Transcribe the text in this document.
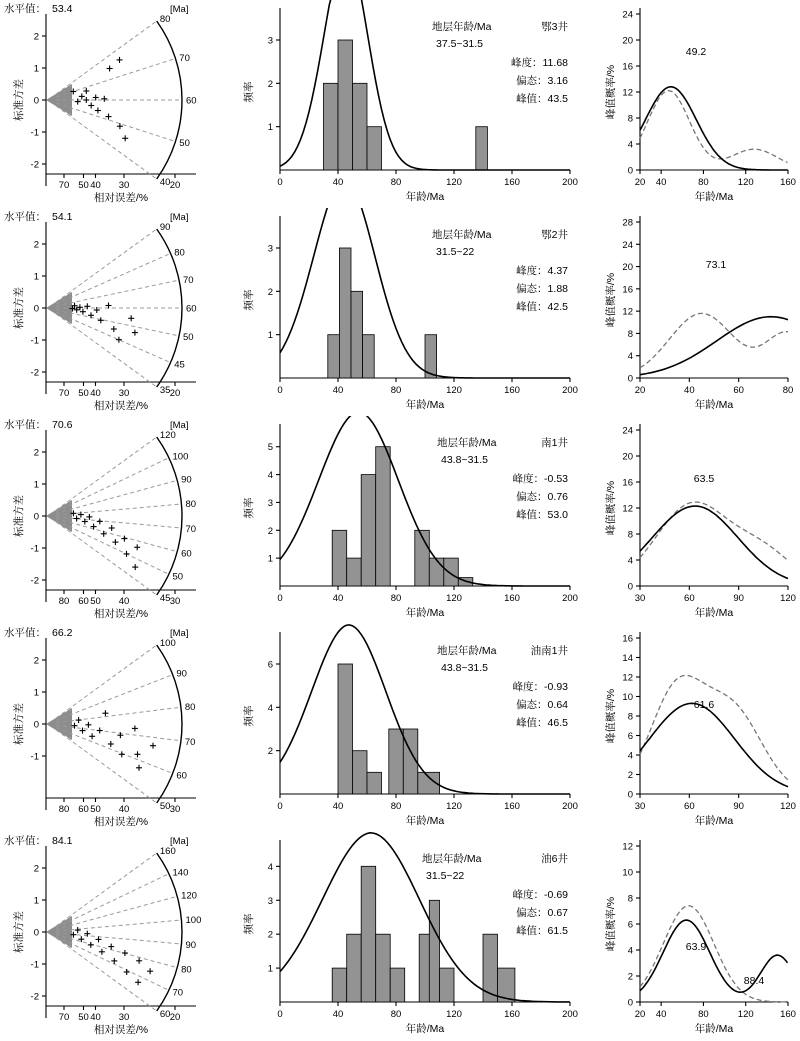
2
1
0
-1
-2
70 50 40 30	20
相对误差/%
标准方差
水平值： 53.4	[Ma]
80
70
60
50
40	0	40	80	120	160	200
1
2
3
年龄/Ma
频率
地层年龄/Ma	鄂3井
37.5~31.5
峰度：11.68
偏态：3.16
峰值：43.5
20 40	80	120	160
0
4
8
12
16
20
24
年龄/Ma
峰值概率/%
49.2
2
1
0
-1
-2
70 50 40 30	20
相对误差/%
标准方差
水平值： 54.1	[Ma]
90
80
70
60
50
45
35	0	40	80	120	160	200
1
2
3
年龄/Ma
频率
地层年龄/Ma	鄂2井
31.5~22
峰度：4.37
偏态：1.88
峰值：42.5
20	40	60	80
0
4
8
12
16
20
24
28
年龄/Ma
峰值概率/%
73.1
2
1
0
-1
-2
80 60 50 40	30
相对误差/%
标准方差
水平值： 70.6	[Ma]
120
100
90
80
70
60
50
45	0	40	80	120	160	200
1
2
3
4
5
年龄/Ma
频率
地层年龄/Ma	南1井
43.8~31.5
峰度：-0.53
偏态：0.76
峰值：53.0
30	60	90	120
0
4
8
12
16
20
24
年龄/Ma
峰值概率/%
63.5
2
1
0
-1
80 60 50 40	30
相对误差/%
标准方差
水平值： 66.2	[Ma]
100
90
80
70
60
50	0	40	80	120	160	200
2
4
6
年龄/Ma
频率
地层年龄/Ma	油南1井
43.8~31.5
峰度：-0.93
偏态：0.64
峰值：46.5
30	60	90	120
0
2
4
6
8
10
12
14
16
年龄/Ma
峰值概率/%	61.6
2
1
0
-1
-2
70 50 40 30	20
相对误差/%
标准方差
水平值： 84.1	[Ma]
160
140
120
100
90
80
70
60	0	40	80	120	160	200
1
2
3
4
年龄/Ma
频率
地层年龄/Ma	油6井
31.5~22
峰度：-0.69
偏态：0.67
峰值：61.5
20 40	80	120	160
0
2
4
6
8
10
12
年龄/Ma
峰值概率/%	63.9
88.4
